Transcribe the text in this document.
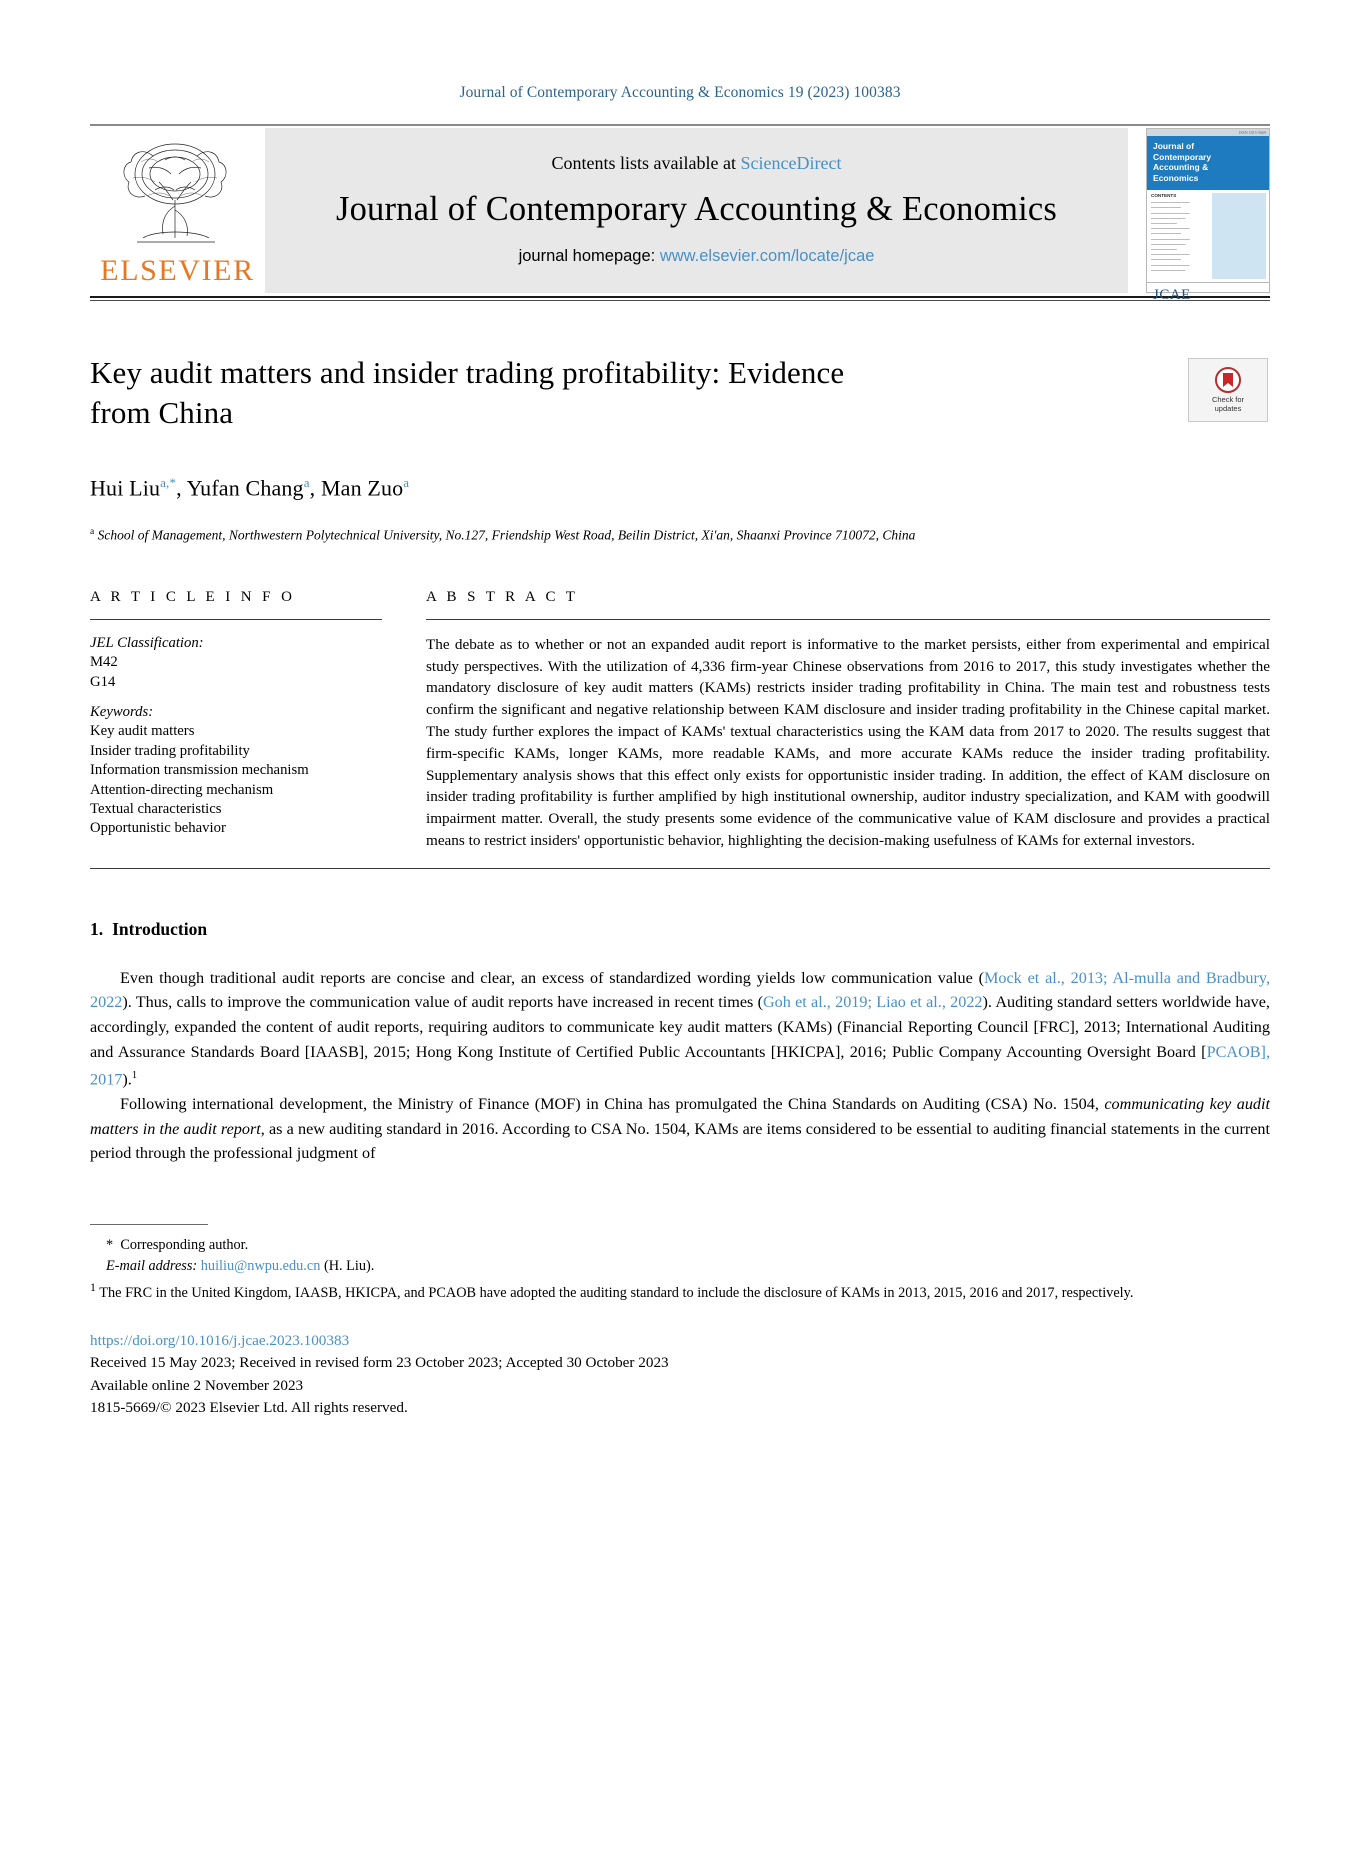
Journal of Contemporary Accounting & Economics 19 (2023) 100383
ELSEVIER
Contents lists available at ScienceDirect
Journal of Contemporary Accounting & Economics
journal homepage: www.elsevier.com/locate/jcae
ISSN 1815-5669
Journal of
Contemporary
Accounting &
Economics
CONTENTS
—————————
———————
—————————
————————
——————
—————————
———————
—————————
————————
——————
—————————
———————
—————————
————————
JCAE
Check for
updates
Key audit matters and insider trading profitability: Evidence from China
Hui Liu$^{a,*}$, Yufan Chang$^a$, Man Zuo$^a$
$^a$ School of Management, Northwestern Polytechnical University, No.127, Friendship West Road, Beilin District, Xi'an, Shaanxi Province 710072, China
A R T I C L E I N F O
JEL Classification:
M42
G14
Keywords:
Key audit matters
Insider trading profitability
Information transmission mechanism
Attention-directing mechanism
Textual characteristics
Opportunistic behavior
A B S T R A C T
The debate as to whether or not an expanded audit report is informative to the market persists, either from experimental and empirical study perspectives. With the utilization of 4,336 firm-year Chinese observations from 2016 to 2017, this study investigates whether the mandatory disclosure of key audit matters (KAMs) restricts insider trading profitability in China. The main test and robustness tests confirm the significant and negative relationship between KAM disclosure and insider trading profitability in the Chinese capital market. The study further explores the impact of KAMs' textual characteristics using the KAM data from 2017 to 2020. The results suggest that firm-specific KAMs, longer KAMs, more readable KAMs, and more accurate KAMs reduce the insider trading profitability. Supplementary analysis shows that this effect only exists for opportunistic insider trading. In addition, the effect of KAM disclosure on insider trading profitability is further amplified by high institutional ownership, auditor industry specialization, and KAM with goodwill impairment matter. Overall, the study presents some evidence of the communicative value of KAM disclosure and provides a practical means to restrict insiders' opportunistic behavior, highlighting the decision-making usefulness of KAMs for external investors.
1. Introduction

Even though traditional audit reports are concise and clear, an excess of standardized wording yields low communication value (Mock et al., 2013; Al-mulla and Bradbury, 2022). Thus, calls to improve the communication value of audit reports have increased in recent times (Goh et al., 2019; Liao et al., 2022). Auditing standard setters worldwide have, accordingly, expanded the content of audit reports, requiring auditors to communicate key audit matters (KAMs) (Financial Reporting Council [FRC], 2013; International Auditing and Assurance Standards Board [IAASB], 2015; Hong Kong Institute of Certified Public Accountants [HKICPA], 2016; Public Company Accounting Oversight Board [PCAOB], 2017).$^1$

Following international development, the Ministry of Finance (MOF) in China has promulgated the China Standards on Auditing (CSA) No. 1504, communicating key audit matters in the audit report, as a new auditing standard in 2016. According to CSA No. 1504, KAMs are items considered to be essential to auditing financial statements in the current period through the professional judgment of

* Corresponding author.
E-mail address: huiliu@nwpu.edu.cn (H. Liu).
$^1$ The FRC in the United Kingdom, IAASB, HKICPA, and PCAOB have adopted the auditing standard to include the disclosure of KAMs in 2013, 2015, 2016 and 2017, respectively.
https://doi.org/10.1016/j.jcae.2023.100383
Received 15 May 2023; Received in revised form 23 October 2023; Accepted 30 October 2023
Available online 2 November 2023
1815-5669/© 2023 Elsevier Ltd. All rights reserved.
